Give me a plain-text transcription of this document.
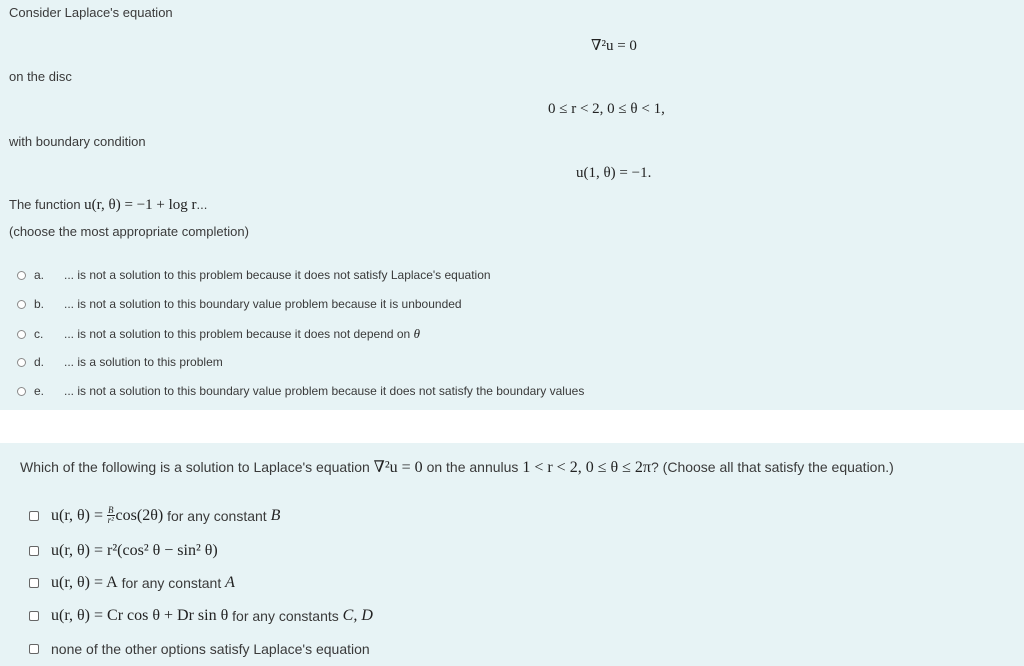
Consider Laplace's equation
∇²u = 0
on the disc
0 ≤ r < 2, 0 ≤ θ < 1,
with boundary condition
u(1, θ) = −1.
The function
u(r, θ) = −1 + log r ...
(choose the most appropriate completion)
a.	... is not a solution to this problem because it does not satisfy Laplace's equation
b.	... is not a solution to this boundary value problem because it is unbounded
c.	... is not a solution to this problem because it does not depend on
θ
d.	... is a solution to this problem
e.	... is not a solution to this boundary value problem because it does not satisfy the boundary values
Which of the following is a solution to Laplace's equation
∇²u = 0
on the annulus
1 < r < 2, 0 ≤ θ ≤ 2π ? (Choose all that satisfy the equation.)
u(r, $\theta) = \frac{B}{\text{r²}} \cos(2\theta)$
for any constant
B
u(r, θ) = r²(cos² θ − sin² θ)
u(r, θ) = A
for any constant
A
u(r, θ) = Cr cos θ + Dr sin θ
for any constants
C, D
none of the other options satisfy Laplace's equation
